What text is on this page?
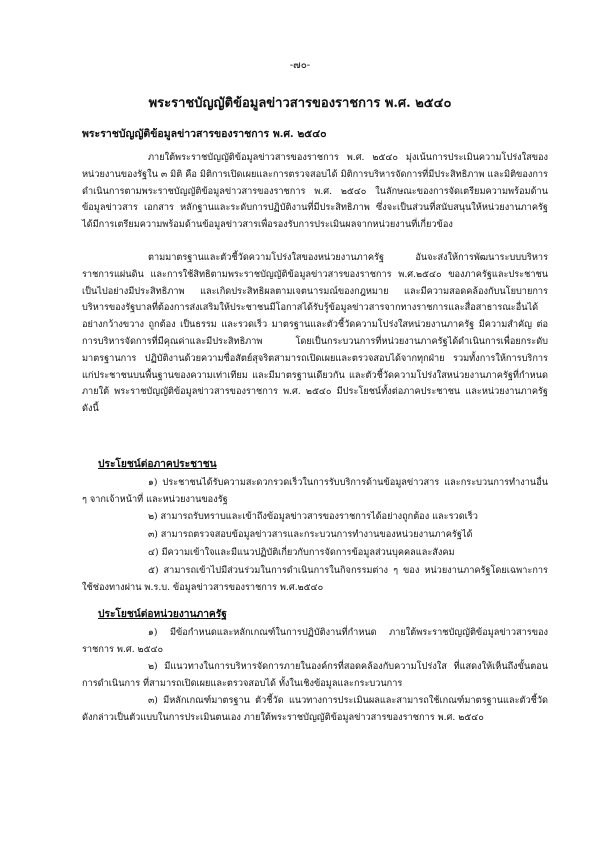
-๗๐-
พระราชบัญญัติข้อมูลข่าวสารของราชการ พ.ศ. ๒๕๔๐
พระราชบัญญัติข้อมูลข่าวสารของราชการ พ.ศ. ๒๕๔๐
ภายใต้พระราชบัญญัติข้อมูลข่าวสารของราชการ พ.ศ. ๒๕๔๐ มุ่งเน้นการประเมินความโปร่งใสของหน่วยงานของรัฐใน ๓ มิติ คือ มิติการเปิดเผยและการตรวจสอบได้ มิติการบริหารจัดการที่มีประสิทธิภาพ และมิติของการดำเนินการตามพระราชบัญญัติข้อมูลข่าวสารของราชการ พ.ศ. ๒๕๔๐ ในลักษณะของการจัดเตรียมความพร้อมด้านข้อมูลข่าวสาร เอกสาร หลักฐานและระดับการปฏิบัติงานที่มีประสิทธิภาพ ซึ่งจะเป็นส่วนที่สนับสนุนให้หน่วยงานภาครัฐได้มีการเตรียมความพร้อมด้านข้อมูลข่าวสารเพื่อรองรับการประเมินผลจากหน่วยงานที่เกี่ยวข้อง
ตามมาตรฐานและตัวชี้วัดความโปร่งใสของหน่วยงานภาครัฐ อันจะส่งให้การพัฒนาระบบบริหารราชการแผ่นดิน และการใช้สิทธิตามพระราชบัญญัติข้อมูลข่าวสารของราชการ พ.ศ.๒๕๔๐ ของภาครัฐและประชาชนเป็นไปอย่างมีประสิทธิภาพ และเกิดประสิทธิผลตามเจตนารมณ์ของกฎหมาย และมีความสอดคล้องกับนโยบายการบริหารของรัฐบาลที่ต้องการส่งเสริมให้ประชาชนมีโอกาสได้รับรู้ข้อมูลข่าวสารจากทางราชการและสื่อสาธารณะอื่นได้อย่างกว้างขวาง ถูกต้อง เป็นธรรม และรวดเร็ว มาตรฐานและตัวชี้วัดความโปร่งใสหน่วยงานภาครัฐ มีความสำคัญ ต่อการบริหารจัดการที่มีคุณค่าและมีประสิทธิภาพ โดยเป็นกระบวนการที่หน่วยงานภาครัฐได้ดำเนินการเพื่อยกระดับมาตรฐานการ ปฏิบัติงานด้วยความซื่อสัตย์สุจริตสามารถเปิดเผยและตรวจสอบได้จากทุกฝ่าย รวมทั้งการให้การบริการแก่ประชาชนบนพื้นฐานของความเท่าเทียม และมีมาตรฐานเดียวกัน และตัวชี้วัดความโปร่งใสหน่วยงานภาครัฐที่กำหนดภายใต้ พระราชบัญญัติข้อมูลข่าวสารของราชการ พ.ศ. ๒๕๔๐ มีประโยชน์ทั้งต่อภาคประชาชน และหน่วยงานภาครัฐ ดังนี้
ประโยชน์ต่อภาคประชาชน
๑) ประชาชนได้รับความสะดวกรวดเร็วในการรับบริการด้านข้อมูลข่าวสาร และกระบวนการทำงานอื่น ๆ จากเจ้าหน้าที่ และหน่วยงานของรัฐ
๒) สามารถรับทราบและเข้าถึงข้อมูลข่าวสารของราชการได้อย่างถูกต้อง และรวดเร็ว
๓) สามารถตรวจสอบข้อมูลข่าวสารและกระบวนการทำงานของหน่วยงานภาครัฐได้
๔) มีความเข้าใจและมีแนวปฏิบัติเกี่ยวกับการจัดการข้อมูลส่วนบุคคลและสังคม
๕) สามารถเข้าไปมีส่วนร่วมในการดำเนินการในกิจกรรมต่าง ๆ ของ หน่วยงานภาครัฐโดยเฉพาะการใช้ช่องทางผ่าน พ.ร.บ. ข้อมูลข่าวสารของราชการ พ.ศ.๒๕๔๐
ประโยชน์ต่อหน่วยงานภาครัฐ
๑) มีข้อกำหนดและหลักเกณฑ์ในการปฏิบัติงานที่กำหนด ภายใต้พระราชบัญญัติข้อมูลข่าวสารของราชการ พ.ศ. ๒๕๔๐
๒) มีแนวทางในการบริหารจัดการภายในองค์กรที่สอดคล้องกับความโปร่งใส ที่แสดงให้เห็นถึงขั้นตอนการดำเนินการ ที่สามารถเปิดเผยและตรวจสอบได้ ทั้งในเชิงข้อมูลและกระบวนการ
๓) มีหลักเกณฑ์มาตรฐาน ตัวชี้วัด แนวทางการประเมินผลและสามารถใช้เกณฑ์มาตรฐานและตัวชี้วัดดังกล่าวเป็นตัวแบบในการประเมินตนเอง ภายใต้พระราชบัญญัติข้อมูลข่าวสารของราชการ พ.ศ. ๒๕๔๐
